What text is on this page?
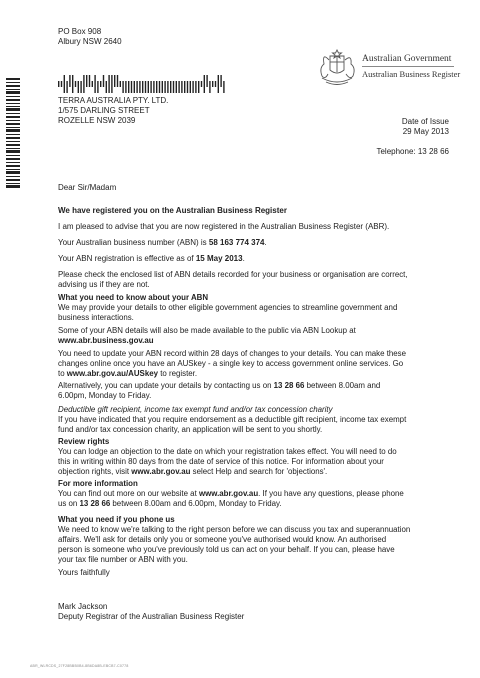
PO Box 908
Albury NSW 2640
Australian Government
Australian Business Register
TERRA AUSTRALIA PTY. LTD.
1/575 DARLING STREET
ROZELLE NSW 2039	Date of Issue
29 May 2013
Telephone: 13 28 66
Dear Sir/Madam
We have registered you on the Australian Business Register
I am pleased to advise that you are now registered in the Australian Business Register (ABR).
Your Australian business number (ABN) is 58 163 774 374.
Your ABN registration is effective as of 15 May 2013.
Please check the enclosed list of ABN details recorded for your business or organisation are correct,
advising us if they are not.
What you need to know about your ABN
We may provide your details to other eligible government agencies to streamline government and
business interactions.
Some of your ABN details will also be made available to the public via ABN Lookup at
www.abr.business.gov.au
You need to update your ABN record within 28 days of changes to your details. You can make these
changes online once you have an AUSkey - a single key to access government online services. Go
to www.abr.gov.au/AUSkey to register.
Alternatively, you can update your details by contacting us on 13 28 66 between 8.00am and
6.00pm, Monday to Friday.
Deductible gift recipient, income tax exempt fund and/or tax concession charity
If you have indicated that you require endorsement as a deductible gift recipient, income tax exempt
fund and/or tax concession charity, an application will be sent to you shortly.
Review rights
You can lodge an objection to the date on which your registration takes effect. You will need to do
this in writing within 80 days from the date of service of this notice. For information about your
objection rights, visit www.abr.gov.au select Help and search for 'objections'.
For more information
You can find out more on our website at www.abr.gov.au. If you have any questions, please phone
us on 13 28 66 between 8.00am and 6.00pm, Monday to Friday.
What you need if you phone us
We need to know we're talking to the right person before we can discuss you tax and superannuation
affairs. We'll ask for details only you or someone you've authorised would know. An authorised
person is someone who you've previously told us can act on your behalf. If you can, please have
your tax file number or ABN with you.
Yours faithfully
Mark Jackson
Deputy Registrar of the Australian Business Register
ABR_WLRCDS_27F28BBB0B4-8B6DA8B-EBCB7-C0778
